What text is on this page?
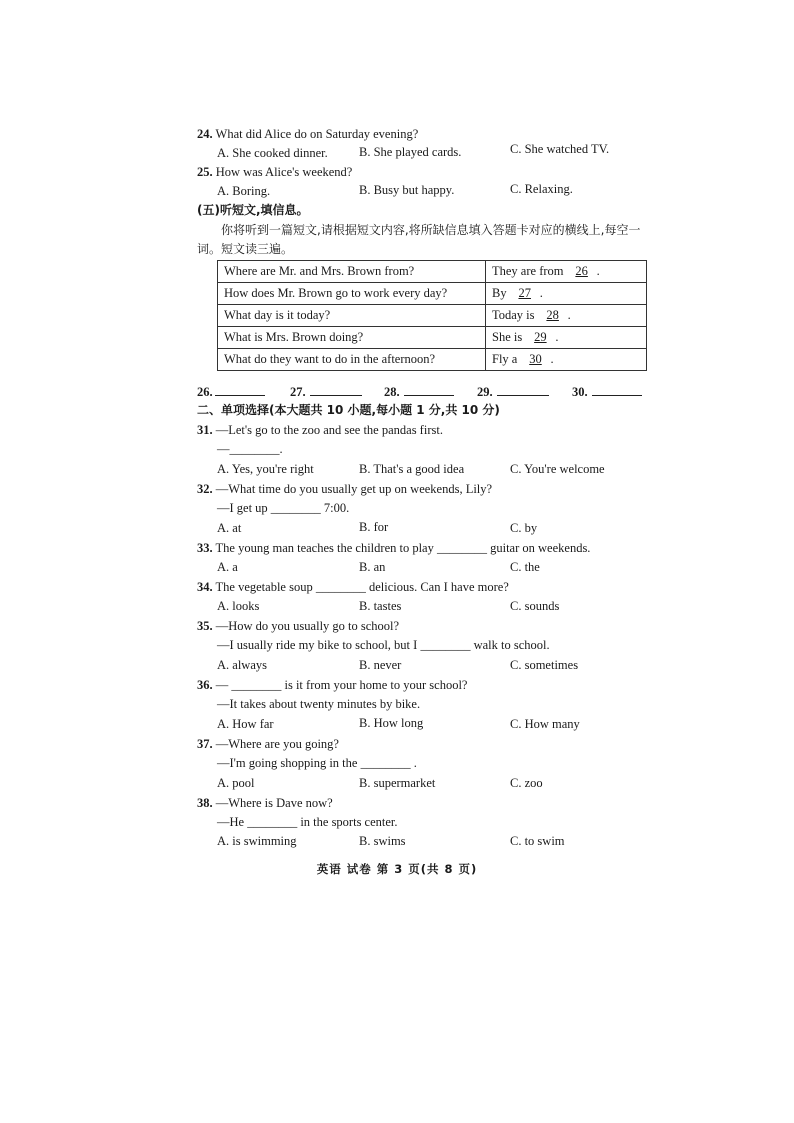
24. What did Alice do on Saturday evening?
A. She cooked dinner.	B. She played cards.	C. She watched TV.
25. How was Alice's weekend?
A. Boring.	B. Busy but happy.	C. Relaxing.
(五)听短文,填信息。
你将听到一篇短文,请根据短文内容,将所缺信息填入答题卡对应的横线上,每空一
词。短文读三遍。
Where are Mr. and Mrs. Brown from?	They are from 26 .
How does Mr. Brown go to work every day?	By 27 .
What day is it today?	Today is 28 .
What is Mrs. Brown doing?	She is 29 .
What do they want to do in the afternoon?	Fly a 30 .
26.	27.	28.	29.	30.
二、单项选择(本大题共 10 小题,每小题 1 分,共 10 分)
31. —Let's go to the zoo and see the pandas first.
—________.
A. Yes, you're right	B. That's a good idea	C. You're welcome
32. —What time do you usually get up on weekends, Lily?
—I get up ________ 7:00.
A. at	B. for	C. by
33. The young man teaches the children to play ________ guitar on weekends.
A. a	B. an	C. the
34. The vegetable soup ________ delicious. Can I have more?
A. looks	B. tastes	C. sounds
35. —How do you usually go to school?
—I usually ride my bike to school, but I ________ walk to school.
A. always	B. never	C. sometimes
36. — ________ is it from your home to your school?
—It takes about twenty minutes by bike.
A. How far	B. How long	C. How many
37. —Where are you going?
—I'm going shopping in the ________ .
A. pool	B. supermarket	C. zoo
38. —Where is Dave now?
—He ________ in the sports center.
A. is swimming	B. swims	C. to swim
英语 试卷 第 3 页(共 8 页)
